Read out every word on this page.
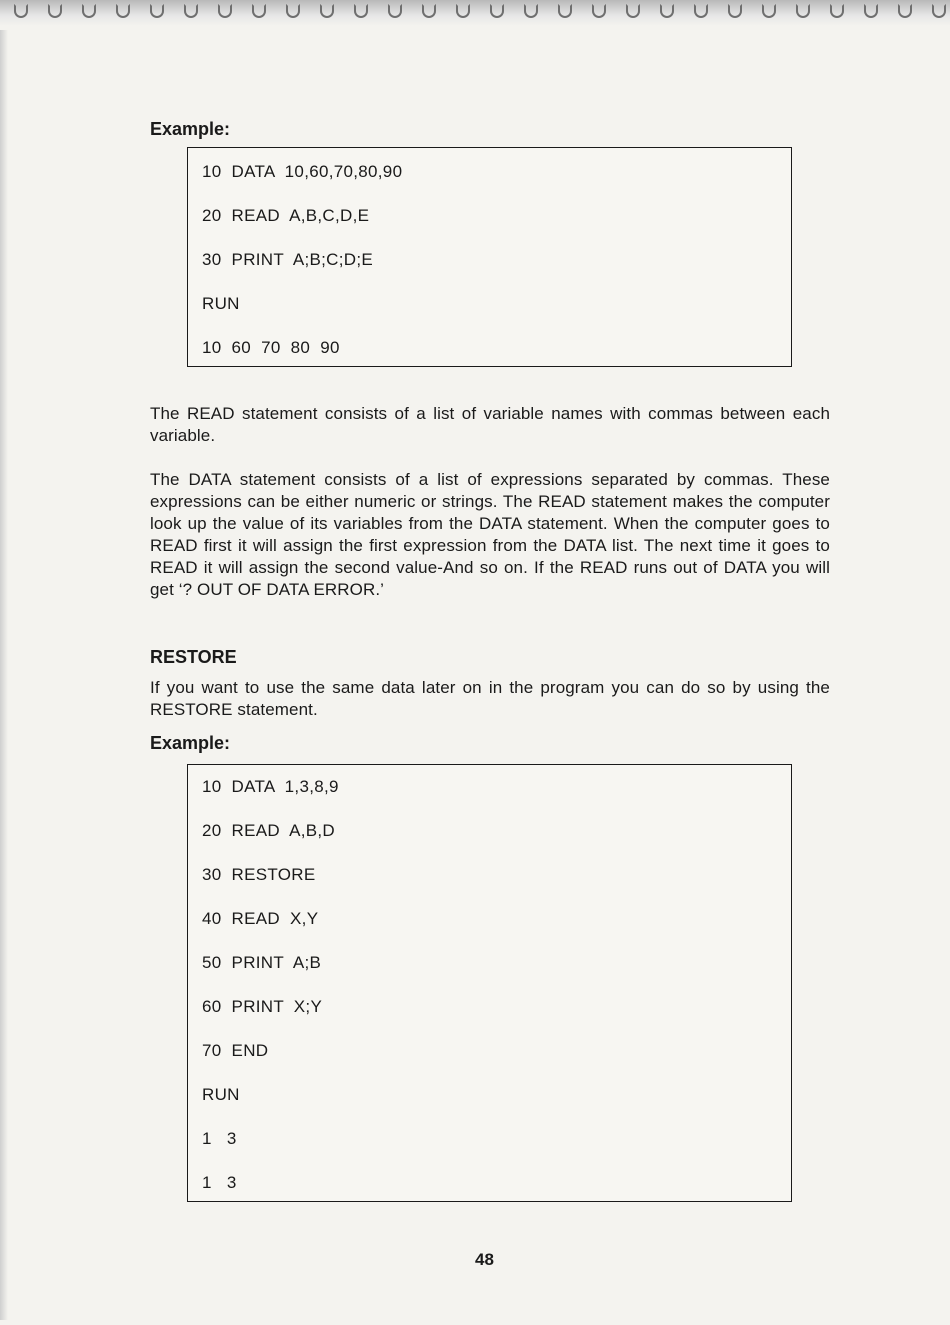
Example:
10  DATA  10,60,70,80,90
20  READ  A,B,C,D,E
30  PRINT  A;B;C;D;E
RUN
10  60  70  80  90
The READ statement consists of a list of variable names with commas between each variable.
The DATA statement consists of a list of expressions separated by commas. These expressions can be either numeric or strings. The READ statement makes the computer look up the value of its variables from the DATA statement. When the computer goes to READ first it will assign the first expression from the DATA list. The next time it goes to READ it will assign the second value-And so on. If the READ runs out of DATA you will get ‘? OUT OF DATA ERROR.’
RESTORE
If you want to use the same data later on in the program you can do so by using the RESTORE statement.
Example:
10  DATA  1,3,8,9
20  READ  A,B,D
30  RESTORE
40  READ  X,Y
50  PRINT  A;B
60  PRINT  X;Y
70  END
RUN
1   3
1   3
48
